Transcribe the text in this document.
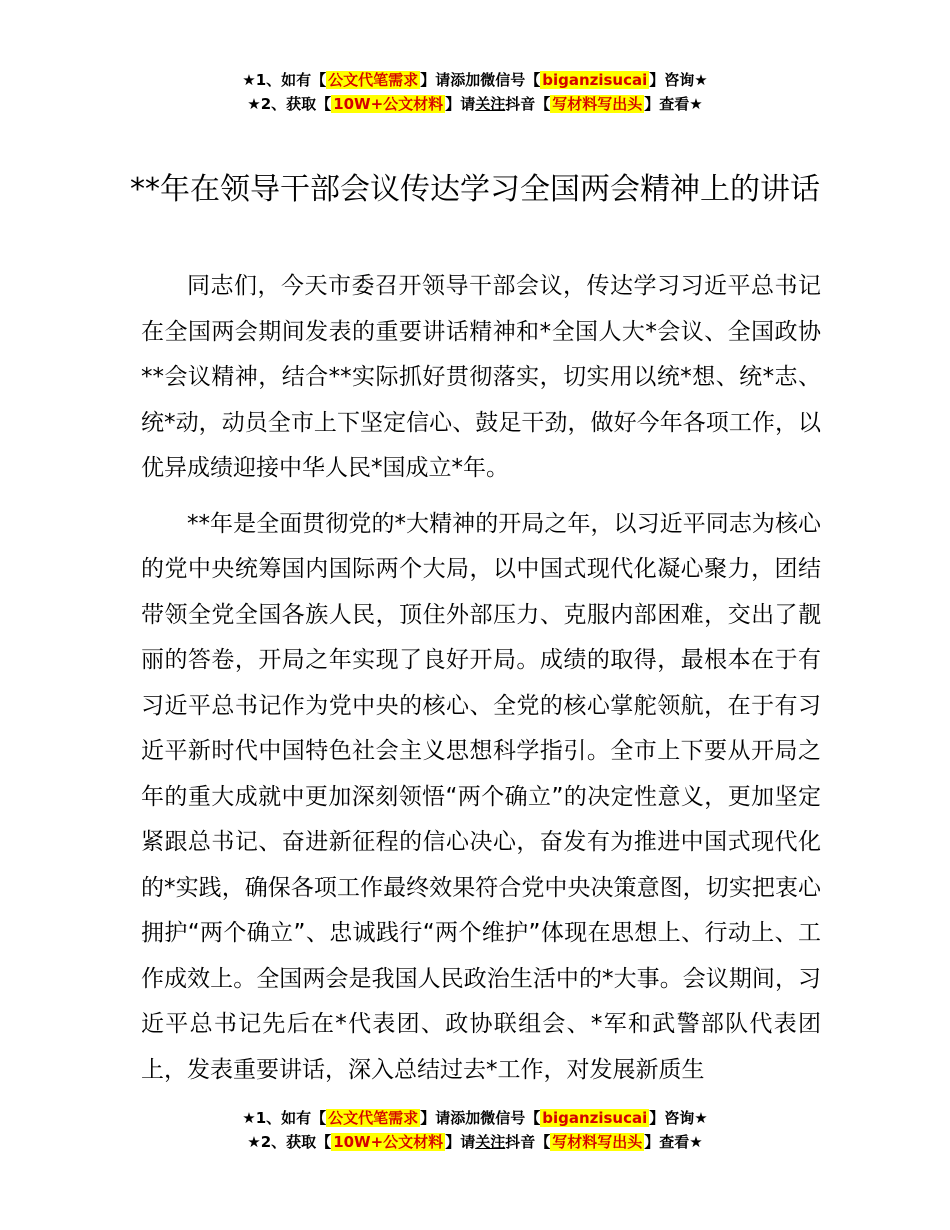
★1、如有【 公文代笔需求 】请添加微信号【 biganzisucai 】咨询★
★2、获取【 10W+公文材料 】请关注抖音【 写材料写出头 】查看★
**年在领导干部会议传达学习全国两会精神上的讲话

同志们，今天市委召开领导干部会议，传达学习习近平总书记在全国两会期间发表的重要讲话精神和*全国人大*会议、全国政协**会议精神，结合**实际抓好贯彻落实，切实用以统*想、统*志、统*动，动员全市上下坚定信心、鼓足干劲，做好今年各项工作，以优异成绩迎接中华人民*国成立*年。

**年是全面贯彻党的*大精神的开局之年，以习近平同志为核心的党中央统筹国内国际两个大局，以中国式现代化凝心聚力，团结带领全党全国各族人民，顶住外部压力、克服内部困难，交出了靓丽的答卷，开局之年实现了良好开局。成绩的取得，最根本在于有习近平总书记作为党中央的核心、全党的核心掌舵领航，在于有习近平新时代中国特色社会主义思想科学指引。全市上下要从开局之年的重大成就中更加深刻领悟“两个确立”的决定性意义，更加坚定紧跟总书记、奋进新征程的信心决心，奋发有为推进中国式现代化的*实践，确保各项工作最终效果符合党中央决策意图，切实把衷心拥护“两个确立”、忠诚践行“两个维护”体现在思想上、行动上、工作成效上。全国两会是我国人民政治生活中的*大事。会议期间，习近平总书记先后在*代表团、政协联组会、*军和武警部队代表团上，发表重要讲话，深入总结过去*工作，对发展新质生

★1、如有【 公文代笔需求 】请添加微信号【 biganzisucai 】咨询★
★2、获取【 10W+公文材料 】请关注抖音【 写材料写出头 】查看★
